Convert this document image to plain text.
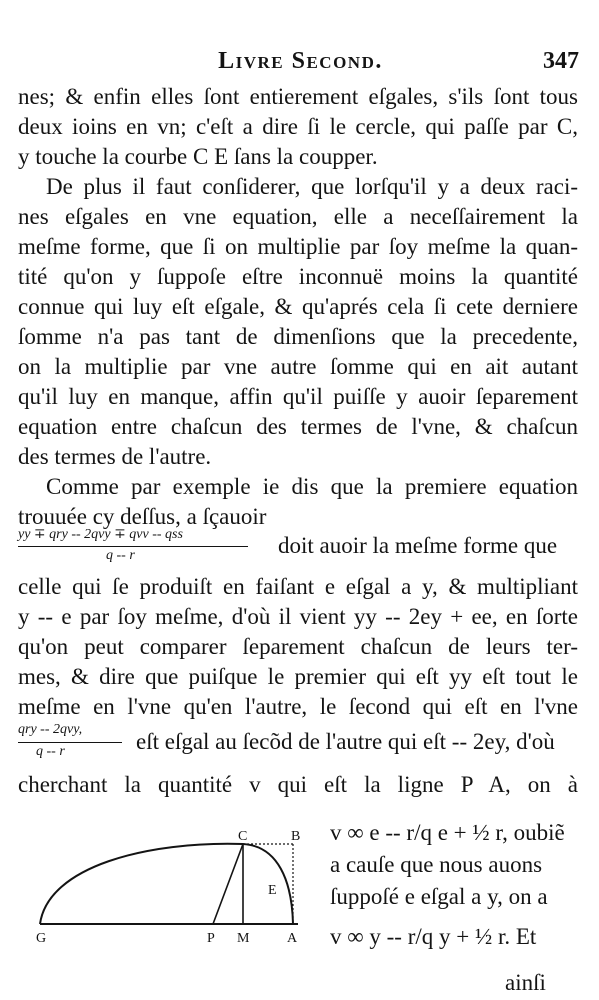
Livre Second.	347
nes; & enfin elles ſont entierement eſgales, s'ils ſont tous
deux ioins en vn; c'eſt a dire ſi le cercle, qui paſſe par C,
y touche la courbe C E ſans la coupper.
De plus il faut conſiderer, que lorſqu'il y a deux raci-
nes eſgales en vne equation, elle a neceſſairement la
meſme forme, que ſi on multiplie par ſoy meſme la quan-
tité qu'on y ſuppoſe eſtre inconnuë moins la quantité
connue qui luy eſt eſgale, & qu'aprés cela ſi cete derniere
ſomme n'a pas tant de dimenſions que la precedente,
on la multiplie par vne autre ſomme qui en ait autant
qu'il luy en manque, affin qu'il puiſſe y auoir ſeparement
equation entre chaſcun des termes de l'vne, & chaſcun
des termes de l'autre.
Comme par exemple ie dis que la premiere equation
trouuée cy deſſus, a ſçauoir
yy ∓ qry -- 2qvy ∓ qvv -- qss
q -- r	doit auoir la meſme forme que
celle qui ſe produiſt en faiſant e eſgal a y, & multipliant
y -- e par ſoy meſme, d'où il vient yy -- 2ey + ee, en ſorte
qu'on peut comparer ſeparement chaſcun de leurs ter-
mes, & dire que puiſque le premier qui eſt yy eſt tout le
meſme en l'vne qu'en l'autre, le ſecond qui eſt en l'vne
qry -- 2qvy,
q -- r	eſt eſgal au ſecõd de l'autre qui eſt -- 2ey, d'où
cherchant la quantité v qui eſt la ligne P A, on à
C	B
E
G	P M	A
v ∞ e -- r/q e + ½ r, oubiẽ
a cauſe que nous auons
ſuppoſé e eſgal a y, on a
v ∞ y -- r/q y + ½ r. Et
ainſi
